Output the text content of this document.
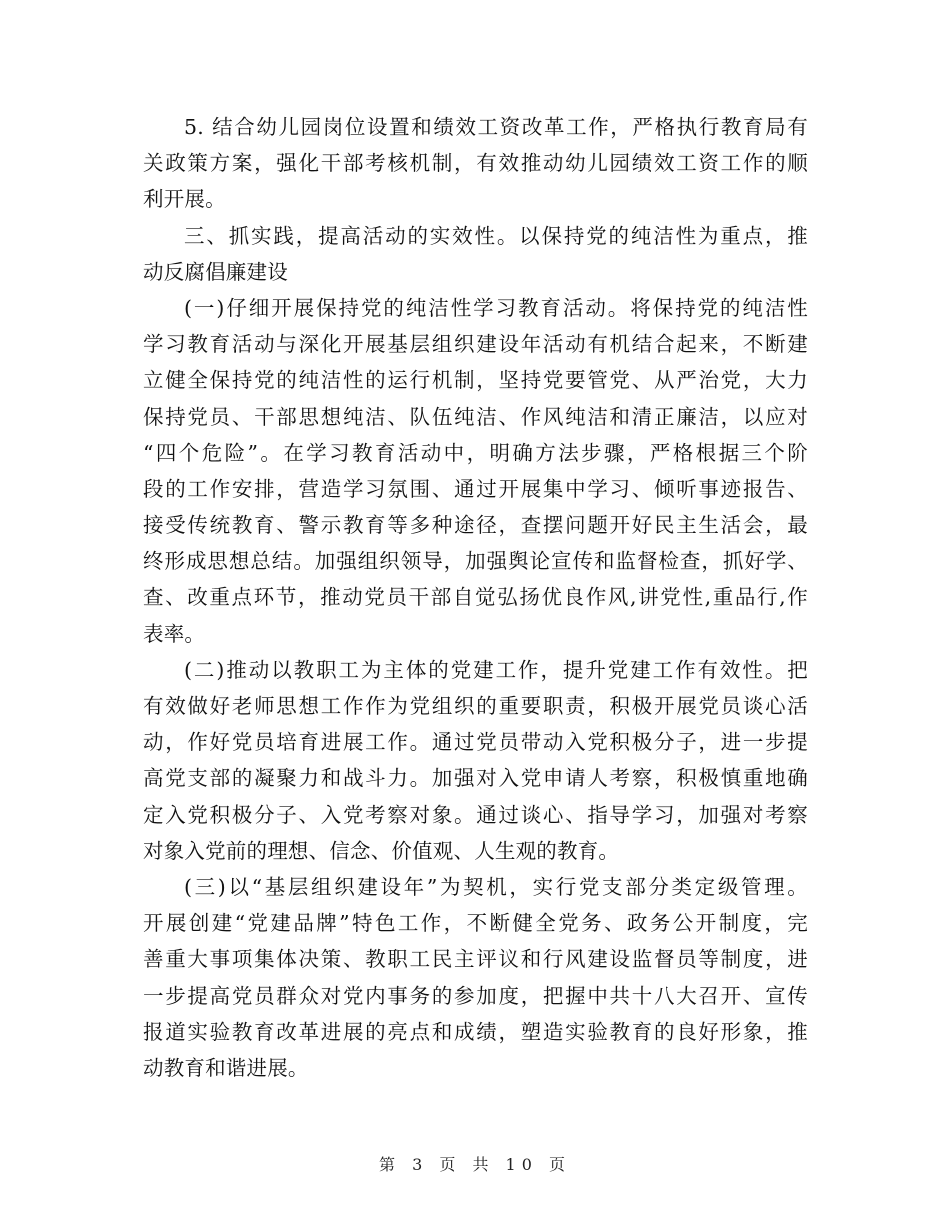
5. 结合幼儿园岗位设置和绩效工资改革工作，严格执行教育局有
关政策方案，强化干部考核机制，有效推动幼儿园绩效工资工作的顺
利开展。
三、抓实践，提高活动的实效性。以保持党的纯洁性为重点，推
动反腐倡廉建设
(一)仔细开展保持党的纯洁性学习教育活动。将保持党的纯洁性
学习教育活动与深化开展基层组织建设年活动有机结合起来，不断建
立健全保持党的纯洁性的运行机制，坚持党要管党、从严治党，大力
保持党员、干部思想纯洁、队伍纯洁、作风纯洁和清正廉洁，以应对
“四个危险”。在学习教育活动中，明确方法步骤，严格根据三个阶
段的工作安排，营造学习氛围、通过开展集中学习、倾听事迹报告、
接受传统教育、警示教育等多种途径，查摆问题开好民主生活会，最
终形成思想总结。加强组织领导，加强舆论宣传和监督检查，抓好学、
查、改重点环节，推动党员干部自觉弘扬优良作风,讲党性,重品行,作
表率。
(二)推动以教职工为主体的党建工作，提升党建工作有效性。把
有效做好老师思想工作作为党组织的重要职责，积极开展党员谈心活
动，作好党员培育进展工作。通过党员带动入党积极分子，进一步提
高党支部的凝聚力和战斗力。加强对入党申请人考察，积极慎重地确
定入党积极分子、入党考察对象。通过谈心、指导学习，加强对考察
对象入党前的理想、信念、价值观、人生观的教育。
(三)以“基层组织建设年”为契机，实行党支部分类定级管理。
开展创建“党建品牌”特色工作，不断健全党务、政务公开制度，完
善重大事项集体决策、教职工民主评议和行风建设监督员等制度，进
一步提高党员群众对党内事务的参加度，把握中共十八大召开、宣传
报道实验教育改革进展的亮点和成绩，塑造实验教育的良好形象，推
动教育和谐进展。
第 3 页 共 10 页
